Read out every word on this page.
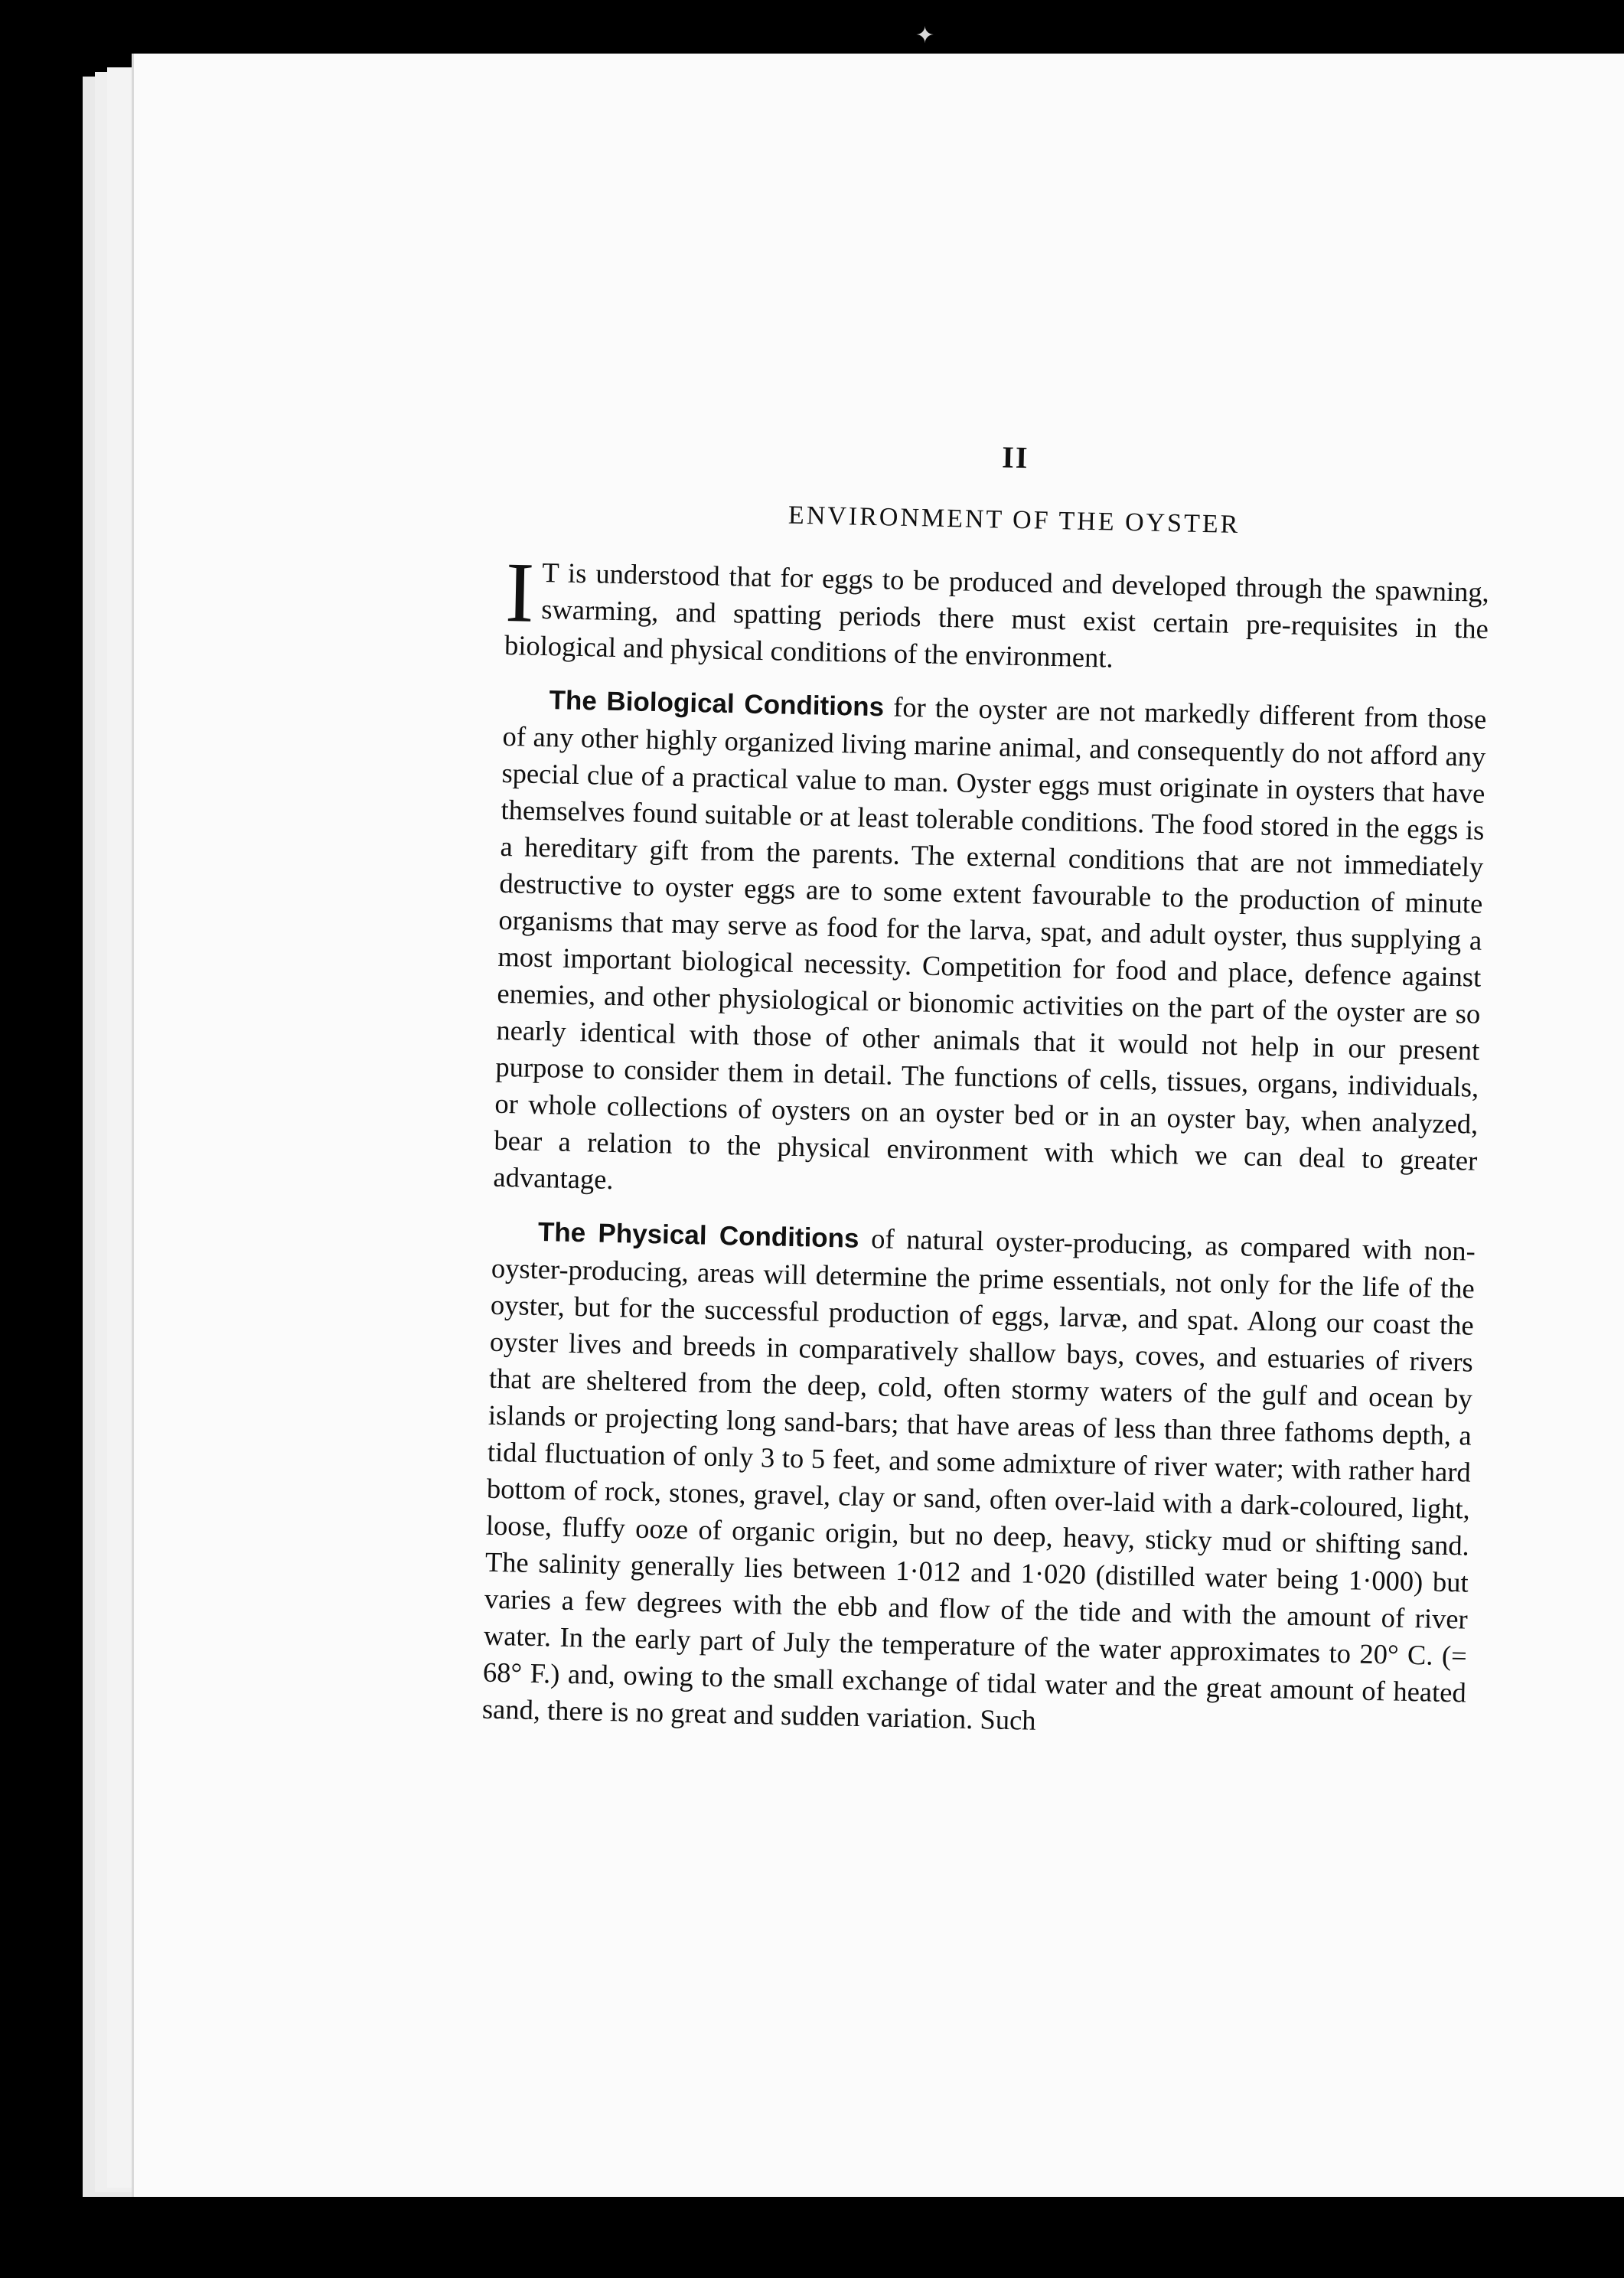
✦
II
ENVIRONMENT OF THE OYSTER

I T is understood that for eggs to be produced and developed through the spawning, swarming, and spatting periods there must exist certain pre-requisites in the biological and physical conditions of the environment.

The Biological Conditions for the oyster are not markedly different from those of any other highly organized living marine animal, and consequently do not afford any special clue of a practical value to man. Oyster eggs must originate in oysters that have themselves found suitable or at least tolerable conditions. The food stored in the eggs is a hereditary gift from the parents. The external conditions that are not immediately destructive to oyster eggs are to some extent favourable to the production of minute organisms that may serve as food for the larva, spat, and adult oyster, thus supplying a most important biological necessity. Competition for food and place, defence against enemies, and other physiological or bionomic activities on the part of the oyster are so nearly identical with those of other animals that it would not help in our present purpose to consider them in detail. The functions of cells, tissues, organs, individuals, or whole collections of oysters on an oyster bed or in an oyster bay, when analyzed, bear a relation to the physical environment with which we can deal to greater advantage.

The Physical Conditions of natural oyster-producing, as compared with non-oyster-producing, areas will determine the prime essentials, not only for the life of the oyster, but for the successful production of eggs, larvæ, and spat. Along our coast the oyster lives and breeds in comparatively shallow bays, coves, and estuaries of rivers that are sheltered from the deep, cold, often stormy waters of the gulf and ocean by islands or projecting long sand-bars; that have areas of less than three fathoms depth, a tidal fluctuation of only 3 to 5 feet, and some admixture of river water; with rather hard bottom of rock, stones, gravel, clay or sand, often over-laid with a dark-coloured, light, loose, fluffy ooze of organic origin, but no deep, heavy, sticky mud or shifting sand. The salinity generally lies between 1·012 and 1·020 (distilled water being 1·000) but varies a few degrees with the ebb and flow of the tide and with the amount of river water. In the early part of July the temperature of the water approximates to 20° C. (= 68° F.) and, owing to the small exchange of tidal water and the great amount of heated sand, there is no great and sudden variation. Such
